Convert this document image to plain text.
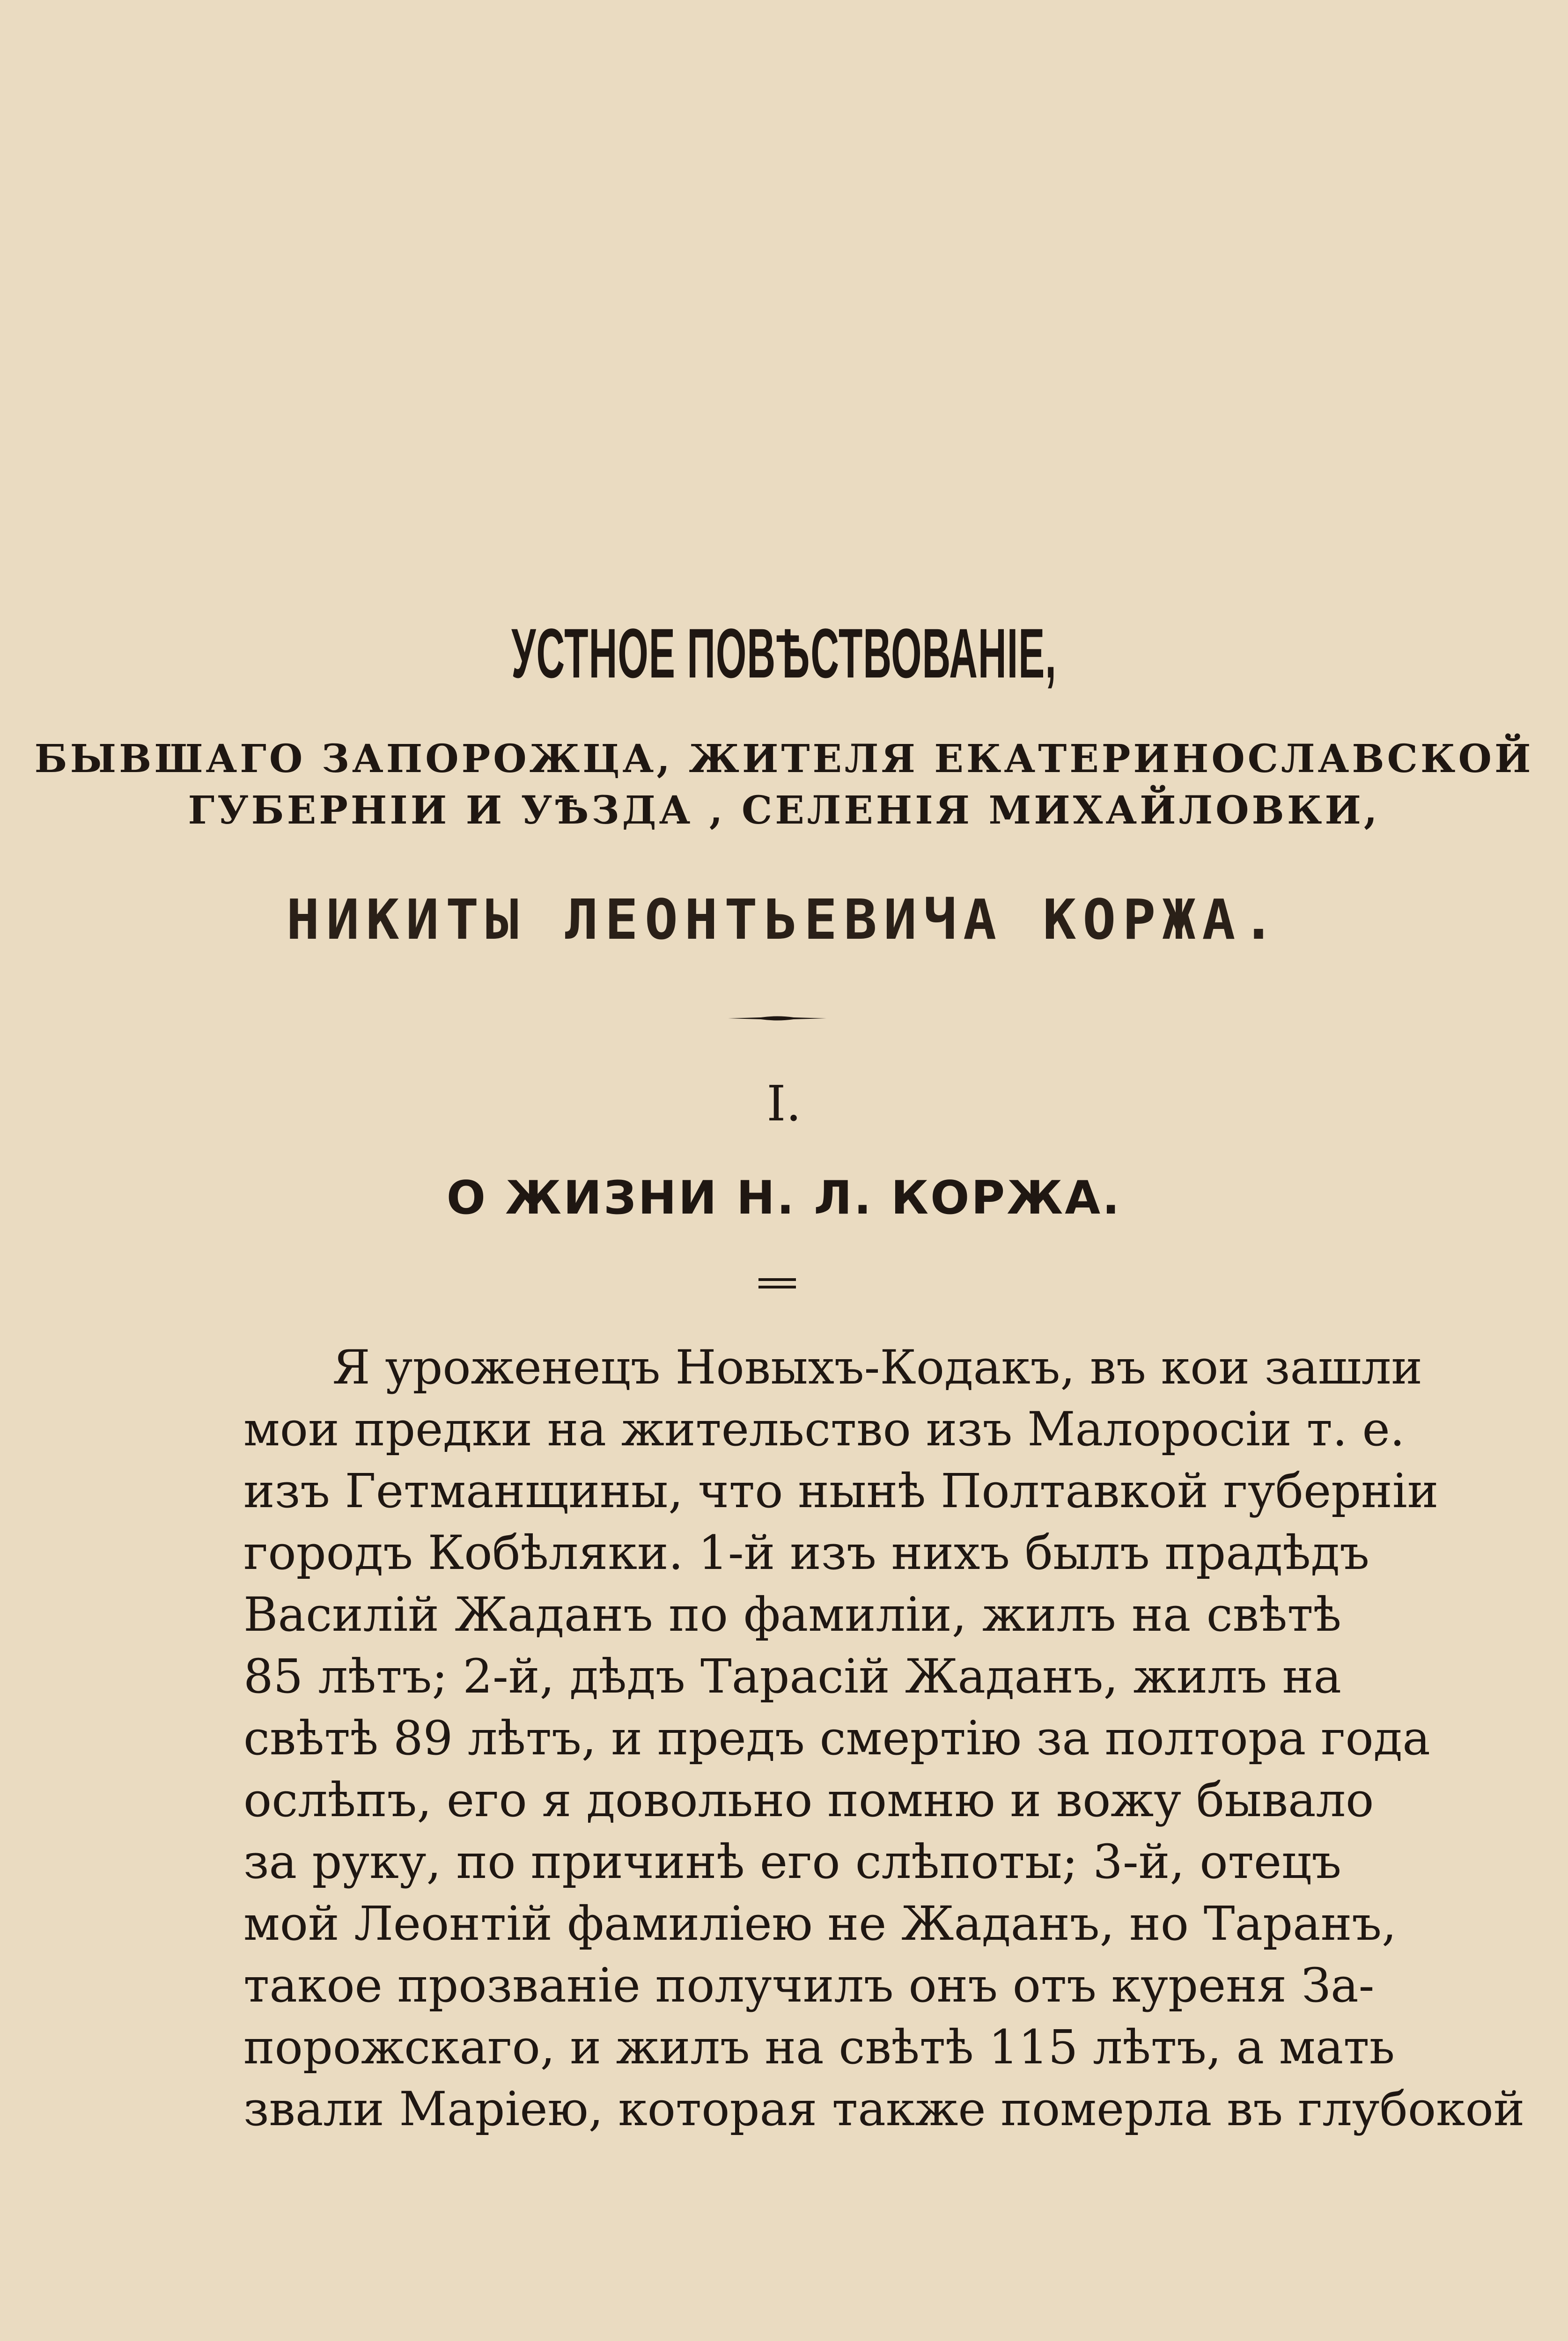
УСТНОЕ ПОВѢСТВОВАНІЕ,
БЫВШАГО ЗАПОРОЖЦА, ЖИТЕЛЯ ЕКАТЕРИНОСЛАВСКОЙ
ГУБЕРНІИ И УѢЗДА , СЕЛЕНІЯ МИХАЙЛОВКИ,
НИКИТЫ ЛЕОНТЬЕВИЧА КОРЖА.
I.
О ЖИЗНИ Н. Л. КОРЖА.
Я уроженецъ Новыхъ-Кодакъ, въ кои зашли
мои предки на жительство изъ Малоросіи т. е.
изъ Гетманщины, что нынѣ Полтавкой губерніи
городъ Кобѣляки. 1-й изъ нихъ былъ прадѣдъ
Василій Жаданъ по фамиліи, жилъ на свѣтѣ
85 лѣтъ; 2-й, дѣдъ Тарасій Жаданъ, жилъ на
свѣтѣ 89 лѣтъ, и предъ смертію за полтора года
ослѣпъ, его я довольно помню и вожу бывало
за руку, по причинѣ его слѣпоты; 3-й, отецъ
мой Леонтій фамиліею не Жаданъ, но Таранъ,
такое прозваніе получилъ онъ отъ куреня За-
порожскаго, и жилъ на свѣтѣ 115 лѣтъ, а мать
звали Маріею, которая также померла въ глубокой
